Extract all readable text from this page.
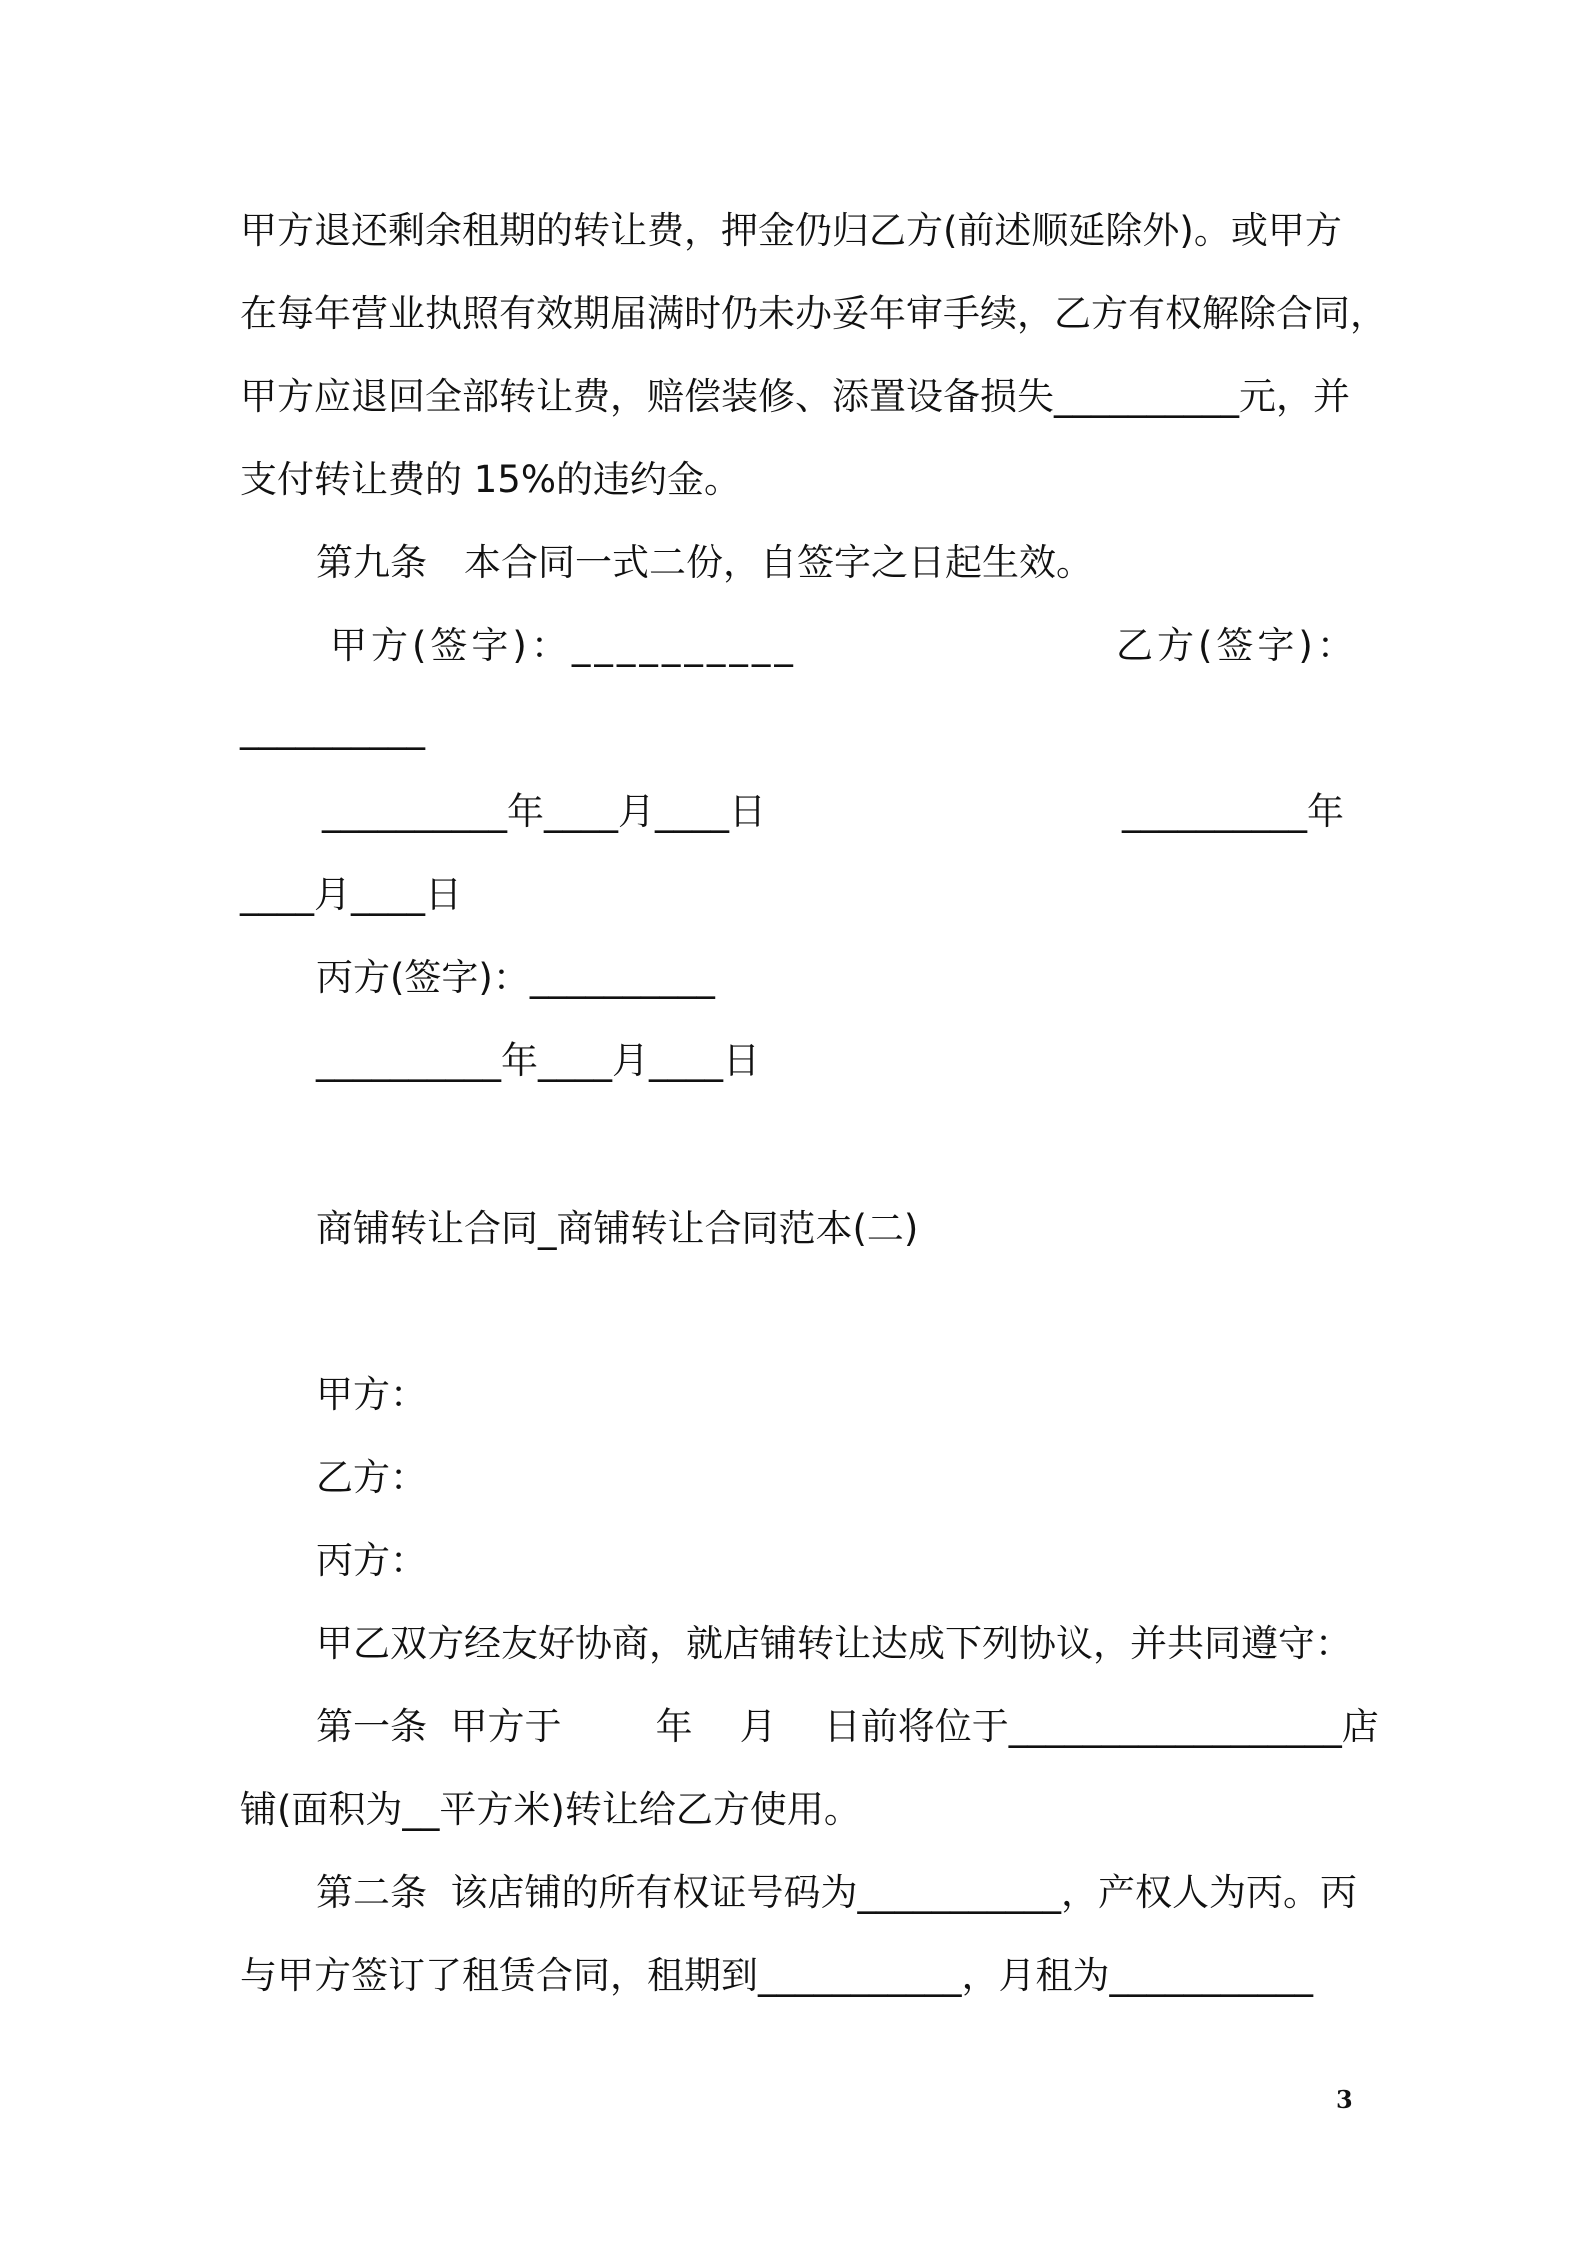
甲方退还剩余租期的转让费，押金仍归乙方(前述顺延除外)。或甲方
在每年营业执照有效期届满时仍未办妥年审手续，乙方有权解除合同，
甲方应退回全部转让费，赔偿装修、添置设备损失__________元，并
支付转让费的 15%的违约金。
第九条　本合同一式二份，自签字之日起生效。
甲方(签字)：__________	乙方(签字)：
__________
__________年____月____日	__________年
____月____日
丙方(签字)：__________
__________年____月____日
商铺转让合同_商铺转让合同范本(二)
甲方：
乙方：
丙方：
甲乙双方经友好协商，就店铺转让达成下列协议，并共同遵守：
第一条  甲方于        年    月    日前将位于__________________店
铺(面积为__平方米)转让给乙方使用。
第二条  该店铺的所有权证号码为___________，产权人为丙。丙
与甲方签订了租赁合同，租期到___________，月租为___________
3
